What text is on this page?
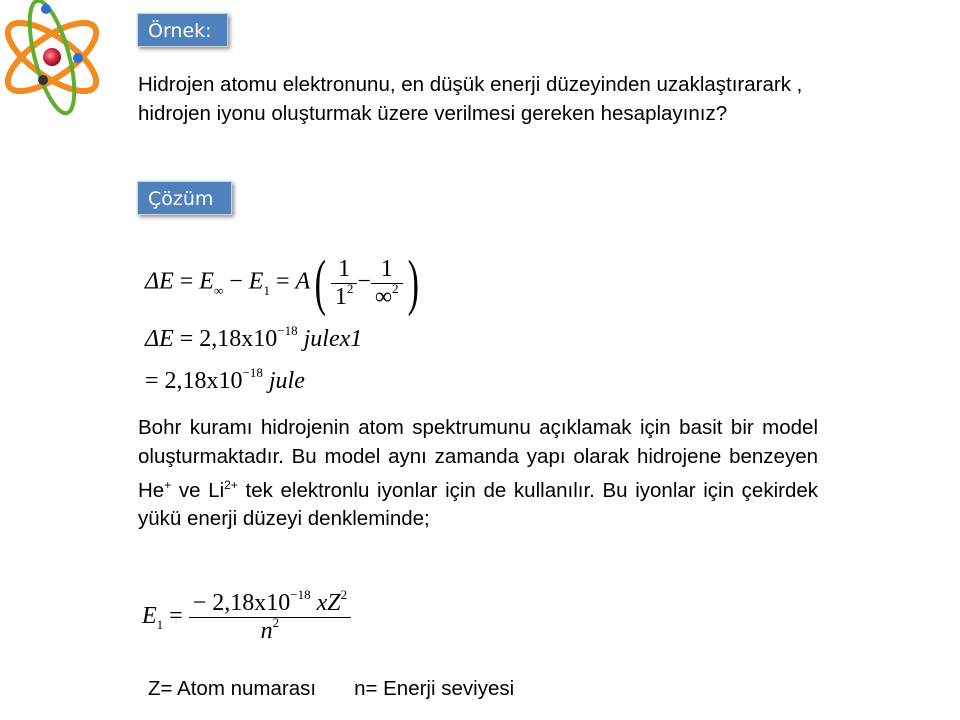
Örnek:

Hidrojen atomu elektronunu, en düşük enerji düzeyinden uzaklaştırarark , hidrojen iyonu oluşturmak üzere verilmesi gereken hesaplayınız?

Çözüm
$\Delta E = E_\infty - E_1 = A( \frac{1}{1^2} - \frac{1}{\infty^2}$ )
$\Delta E = 2,18x10^{-18}$ julex1
= $2,18x10^{-18}$ jule

Bohr kuramı hidrojenin atom spektrumunu açıklamak için basit bir model oluşturmaktadır. Bu model aynı zamanda yapı olarak hidrojene benzeyen He+ ve $Li^{2+}$ tek elektronlu iyonlar için de kullanılır. Bu iyonlar için çekirdek yükü enerji düzeyi denkleminde;

$E_1 = \frac{- 2,18x10^{-18} xZ^2}{n^2}$
Z= Atom numarası n= Enerji seviyesi
